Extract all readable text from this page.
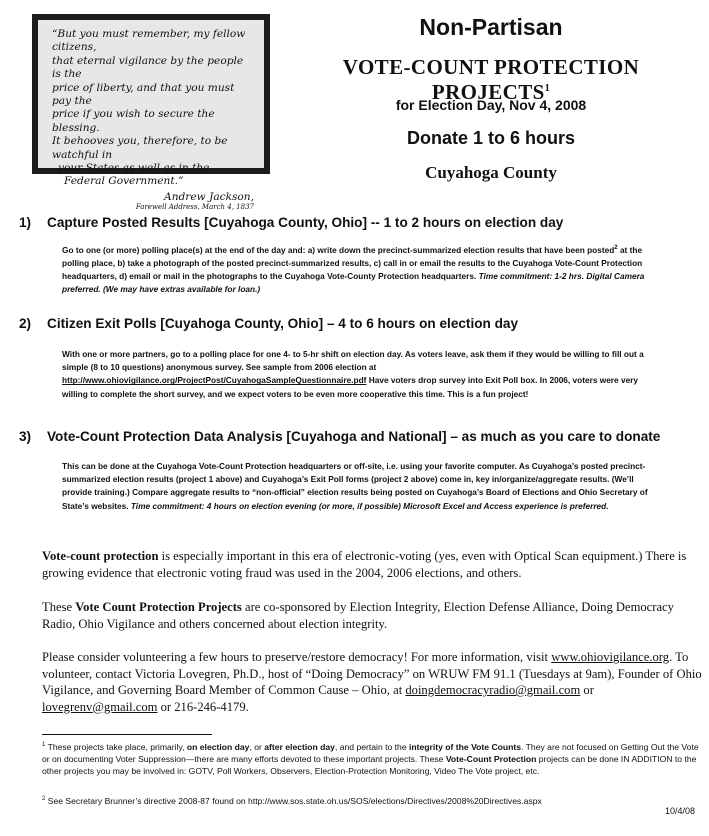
“But you must remember, my fellow citizens,
that eternal vigilance by the people is the
price of liberty, and that you must pay the
price if you wish to secure the blessing.
It behooves you, therefore, to be watchful in
your States as well as in the
Federal Government.”
Andrew Jackson,
Farewell Address, March 4, 1837
Non-Partisan
VOTE-COUNT PROTECTION PROJECTS$^1$
for Election Day, Nov 4, 2008
Donate 1 to 6 hours
Cuyahoga County
1) Capture Posted Results [Cuyahoga County, Ohio] -- 1 to 2 hours on election day
Go to one (or more) polling place(s) at the end of the day and: a) write down the precinct-summarized election results that have been posted$^2$ at the polling place, b) take a photograph of the posted precinct-summarized results, c) call in or email the results to the Cuyahoga Vote-Count Protection headquarters, d) email or mail in the photographs to the Cuyahoga Vote-County Protection headquarters. Time commitment: 1-2 hrs. Digital Camera preferred. (We may have extras available for loan.)
2) Citizen Exit Polls [Cuyahoga County, Ohio] – 4 to 6 hours on election day
With one or more partners, go to a polling place for one 4- to 5-hr shift on election day. As voters leave, ask them if they would be willing to fill out a simple (8 to 10 questions) anonymous survey. See sample from 2006 election at http://www.ohiovigilance.org/ProjectPost/CuyahogaSampleQuestionnaire.pdf Have voters drop survey into Exit Poll box. In 2006, voters were very willing to complete the short survey, and we expect voters to be even more cooperative this time. This is a fun project!
3) Vote-Count Protection Data Analysis [Cuyahoga and National] – as much as you care to donate
This can be done at the Cuyahoga Vote-Count Protection headquarters or off-site, i.e. using your favorite computer. As Cuyahoga’s posted precinct-summarized election results (project 1 above) and Cuyahoga’s Exit Poll forms (project 2 above) come in, key in/organize/aggregate results. (We’ll provide training.) Compare aggregate results to “non-official” election results being posted on Cuyahoga’s Board of Elections and Ohio Secretary of State’s websites. Time commitment: 4 hours on election evening (or more, if possible) Microsoft Excel and Access experience is preferred.
Vote-count protection is especially important in this era of electronic-voting (yes, even with Optical Scan equipment.) There is growing evidence that electronic voting fraud was used in the 2004, 2006 elections, and others.
These Vote Count Protection Projects are co-sponsored by Election Integrity, Election Defense Alliance, Doing Democracy Radio, Ohio Vigilance and others concerned about election integrity.
Please consider volunteering a few hours to preserve/restore democracy! For more information, visit www.ohiovigilance.org. To volunteer, contact Victoria Lovegren, Ph.D., host of “Doing Democracy” on WRUW FM 91.1 (Tuesdays at 9am), Founder of Ohio Vigilance, and Governing Board Member of Common Cause – Ohio, at doingdemocracyradio@gmail.com or lovegrenv@gmail.com or 216-246-4179.
$^1$ These projects take place, primarily, on election day, or after election day, and pertain to the integrity of the Vote Counts. They are not focused on Getting Out the Vote or on documenting Voter Suppression—there are many efforts devoted to these important projects. These Vote-Count Protection projects can be done IN ADDITION to the other projects you may be involved in: GOTV, Poll Workers, Observers, Election-Protection Monitoring, Video The Vote project, etc.
$^2$ See Secretary Brunner’s directive 2008-87 found on http://www.sos.state.oh.us/SOS/elections/Directives/2008%20Directives.aspx
10/4/08
